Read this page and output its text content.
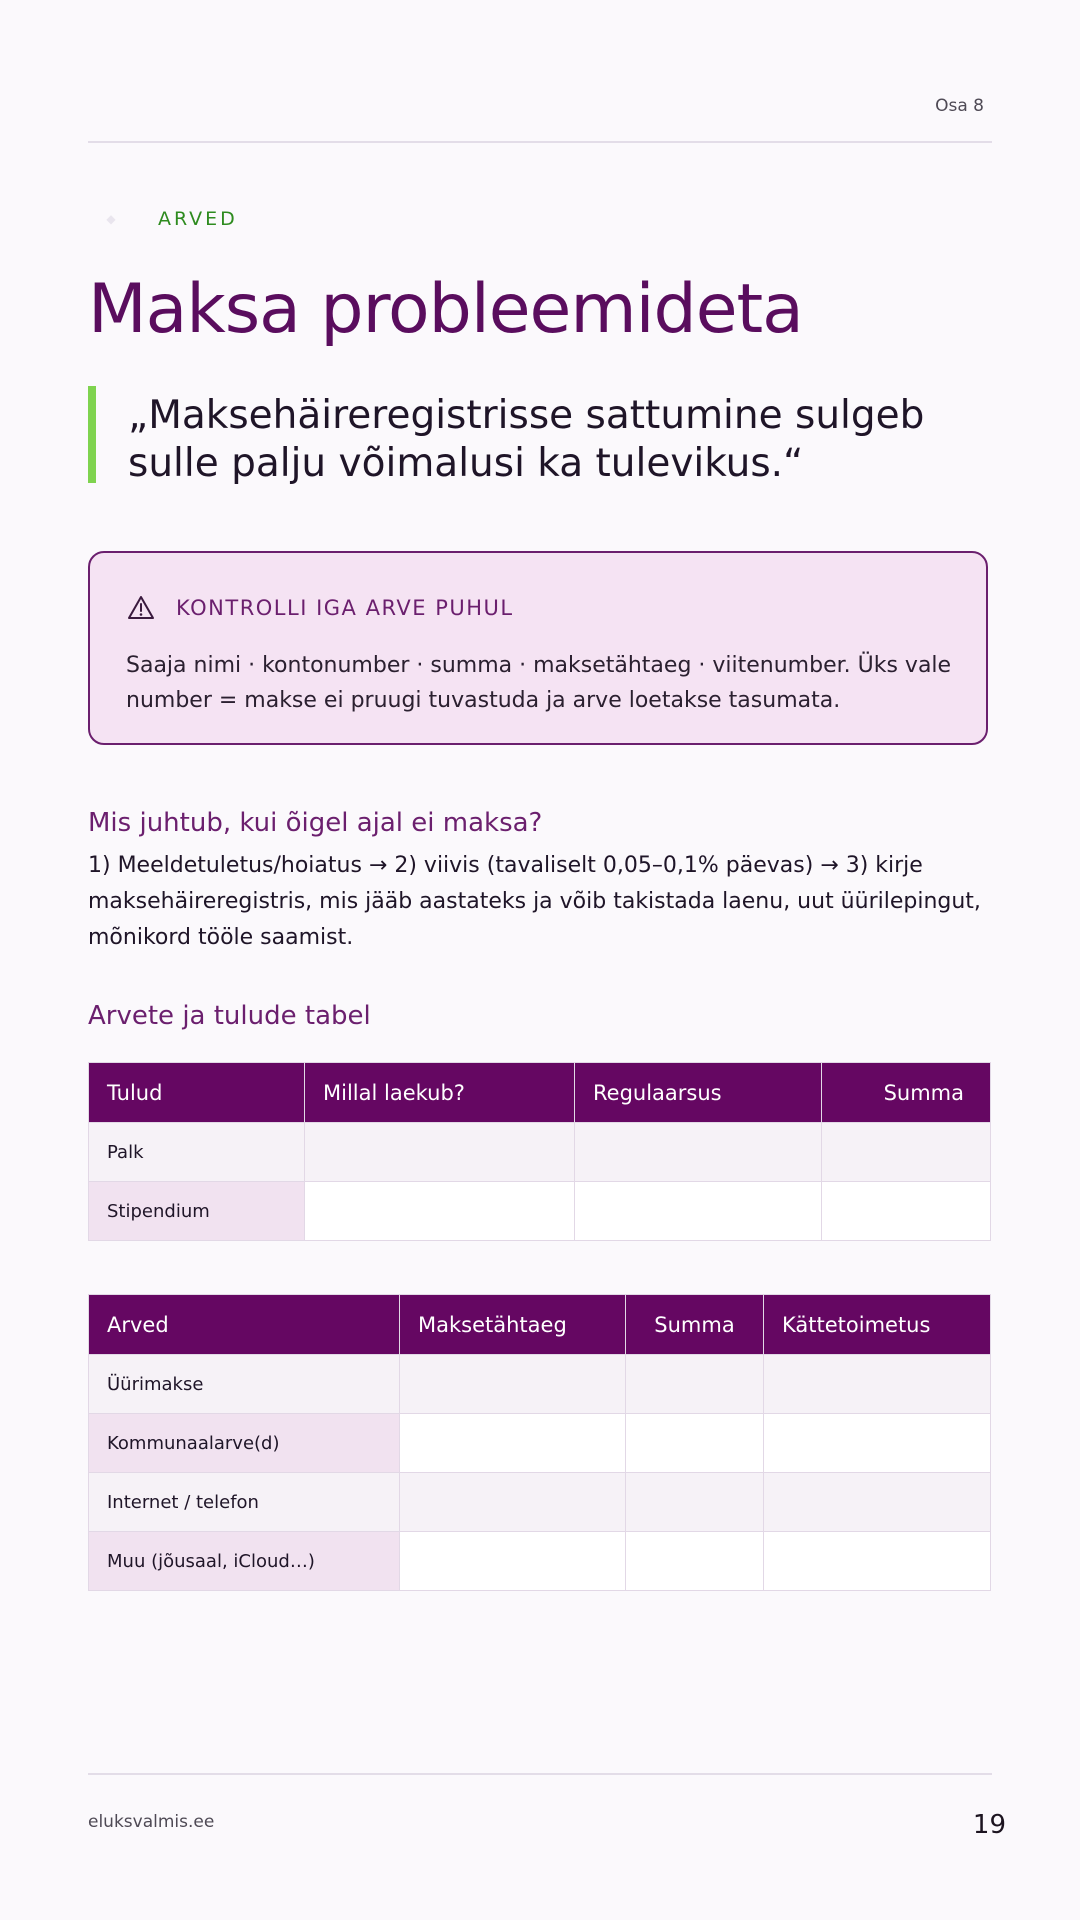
Osa 8
◆	ARVED
Maksa probleemideta

„Maksehäireregistrisse sattumine sulgeb sulle palju võimalusi ka tulevikus.“

KONTROLLI IGA ARVE PUHUL

Saaja nimi · kontonumber · summa · maksetähtaeg · viitenumber. Üks vale number = makse ei pruugi tuvastuda ja arve loetakse tasumata.

Mis juhtub, kui õigel ajal ei maksa?

1) Meeldetuletus/hoiatus → 2) viivis (tavaliselt 0,05–0,1% päevas) → 3) kirje maksehäireregistris, mis jääb aastateks ja võib takistada laenu, uut üürilepingut, mõnikord tööle saamist.

Arvete ja tulude tabel
Tulud	Millal laekub?	Regulaarsus	Summa
Palk			
Stipendium			
Arved	Maksetähtaeg	Summa	Kättetoimetus
Üürimakse			
Kommunaalarve(d)			
Internet / telefon			
Muu (jõusaal, iCloud…)			
eluksvalmis.ee	19
